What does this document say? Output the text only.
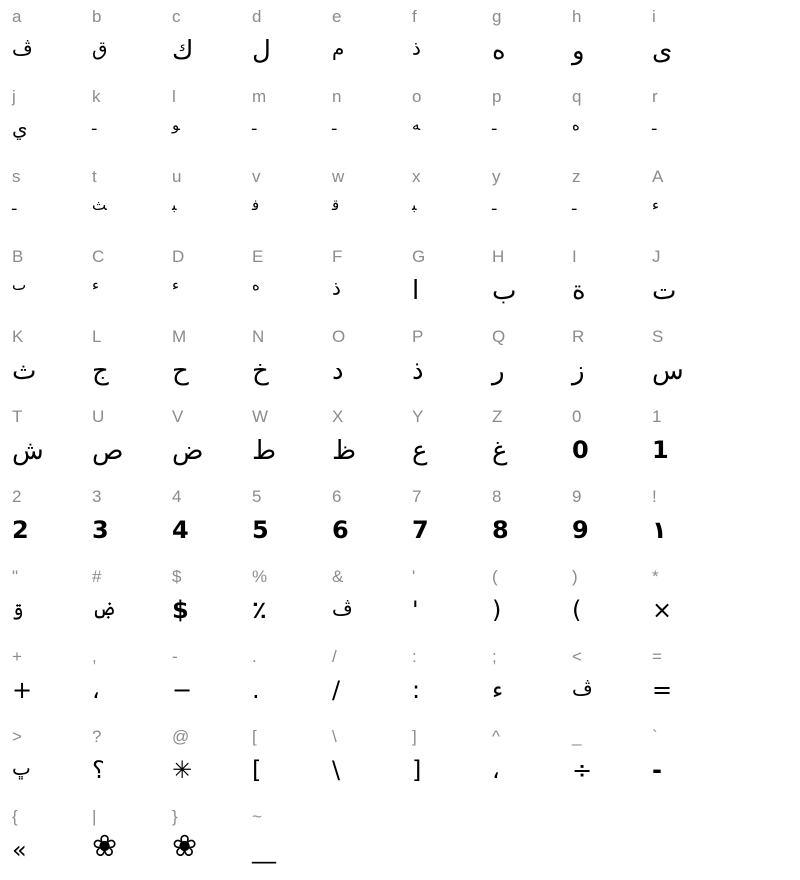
a
ڤ
b
ق
c
ك
d
ل
e
م
f
ذ
g
ه
h
و
i
ى
j
ي
k
ـ
l
ﻮ
m
ـ
n
ـ
o
ﻪ
p
ـ
q
ه
r
ـ
s
ـ
t
ﺚ
u
ﺒ
v
ﻓ
w
ﻗ
x
ﺒ
y
ـ
z
ـ
A
ء
B
ٮ
C
ء
D
ء
E
ه
F
ذ
G
ا
H
ب
I
ة
J
ت
K
ث
L
ج
M
ح
N
خ
O
د
P
ذ
Q
ر
R
ز
S
س
T
ش
U
ص
V
ض
W
ط
X
ظ
Y
ع
Z
غ
0
0
1
1
2
2
3
3
4
4
5
5
6
6
7
7
8
8
9
9
!
١
"
ۊ
#
ۻ
$
$
%
٪
&
ڤ
'
'
(
(
)
)
*
×
+
+
,
،
-
−
.
.
/
/
:
:
;
ء
<
ڤ
=
=
>
ڀ
?
؟
@
✳
[
]
\
\
]
[
^
،
_
÷
`
-
{
»
|
❀
}
❀
~
__
